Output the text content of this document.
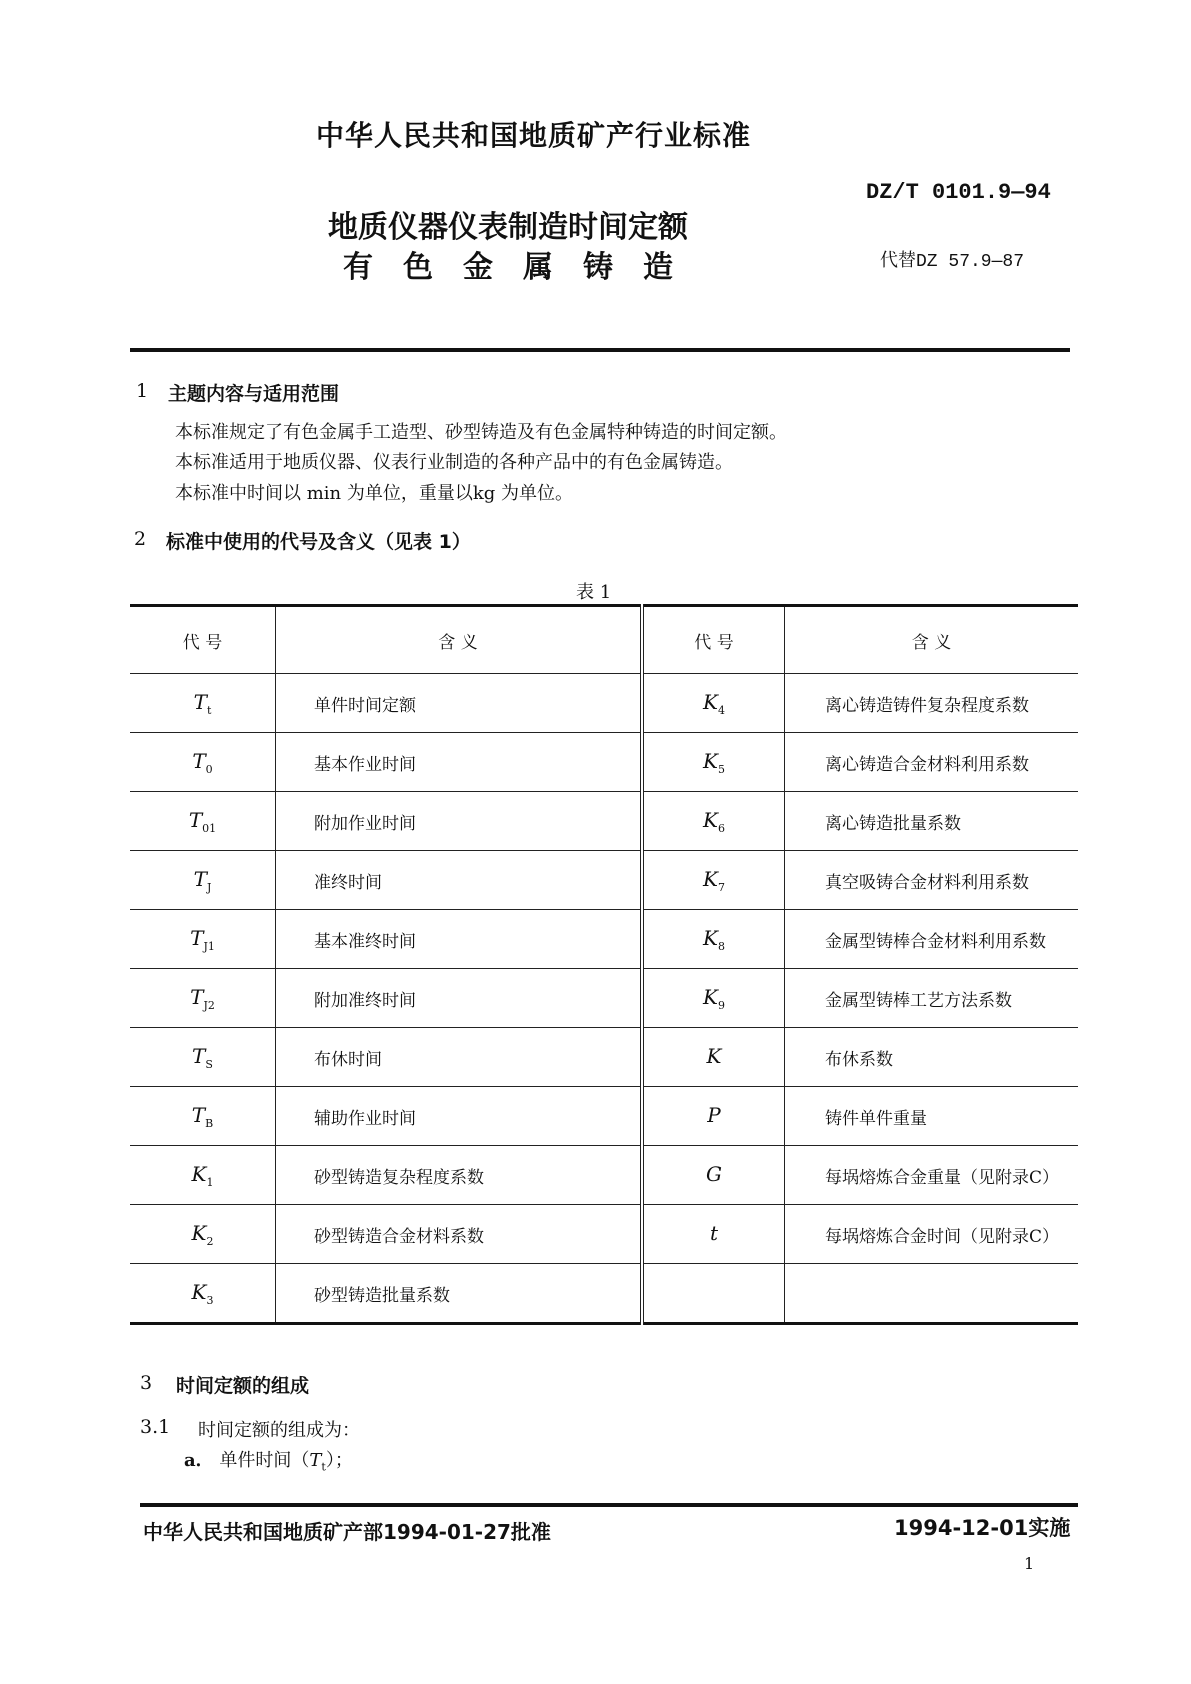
中华人民共和国地质矿产行业标准
DZ/T 0101.9—94
地质仪器仪表制造时间定额
有色金属铸造	代替DZ 57.9—87
1 主题内容与适用范围
本标准规定了有色金属手工造型、砂型铸造及有色金属特种铸造的时间定额。
本标准适用于地质仪器、仪表行业制造的各种产品中的有色金属铸造。
本标准中时间以 min 为单位，重量以kg 为单位。
2 标准中使用的代号及含义（见表 1）
表 1
代 号	含 义	代 号	含 义
$T_t$	单件时间定额	$K_4$	离心铸造铸件复杂程度系数
$T_0$	基本作业时间	$K_5$	离心铸造合金材料利用系数
$T_{01}$	附加作业时间	$K_6$	离心铸造批量系数
$T_J$	准终时间	$K_7$	真空吸铸合金材料利用系数
$T_{J1}$	基本准终时间	$K_8$	金属型铸棒合金材料利用系数
$T_{J2}$	附加准终时间	$K_9$	金属型铸棒工艺方法系数
$T_S$	布休时间	K	布休系数
$T_B$	辅助作业时间	P	铸件单件重量
$K_1$	砂型铸造复杂程度系数	G	每埚熔炼合金重量（见附录C）
$K_2$	砂型铸造合金材料系数	t	每埚熔炼合金时间（见附录C）
$K_3$	砂型铸造批量系数		
3 时间定额的组成
3.1 时间定额的组成为：
a． 单件时间$(T_t)$；
中华人民共和国地质矿产部1994-01-27批准	1994-12-01实施
1
